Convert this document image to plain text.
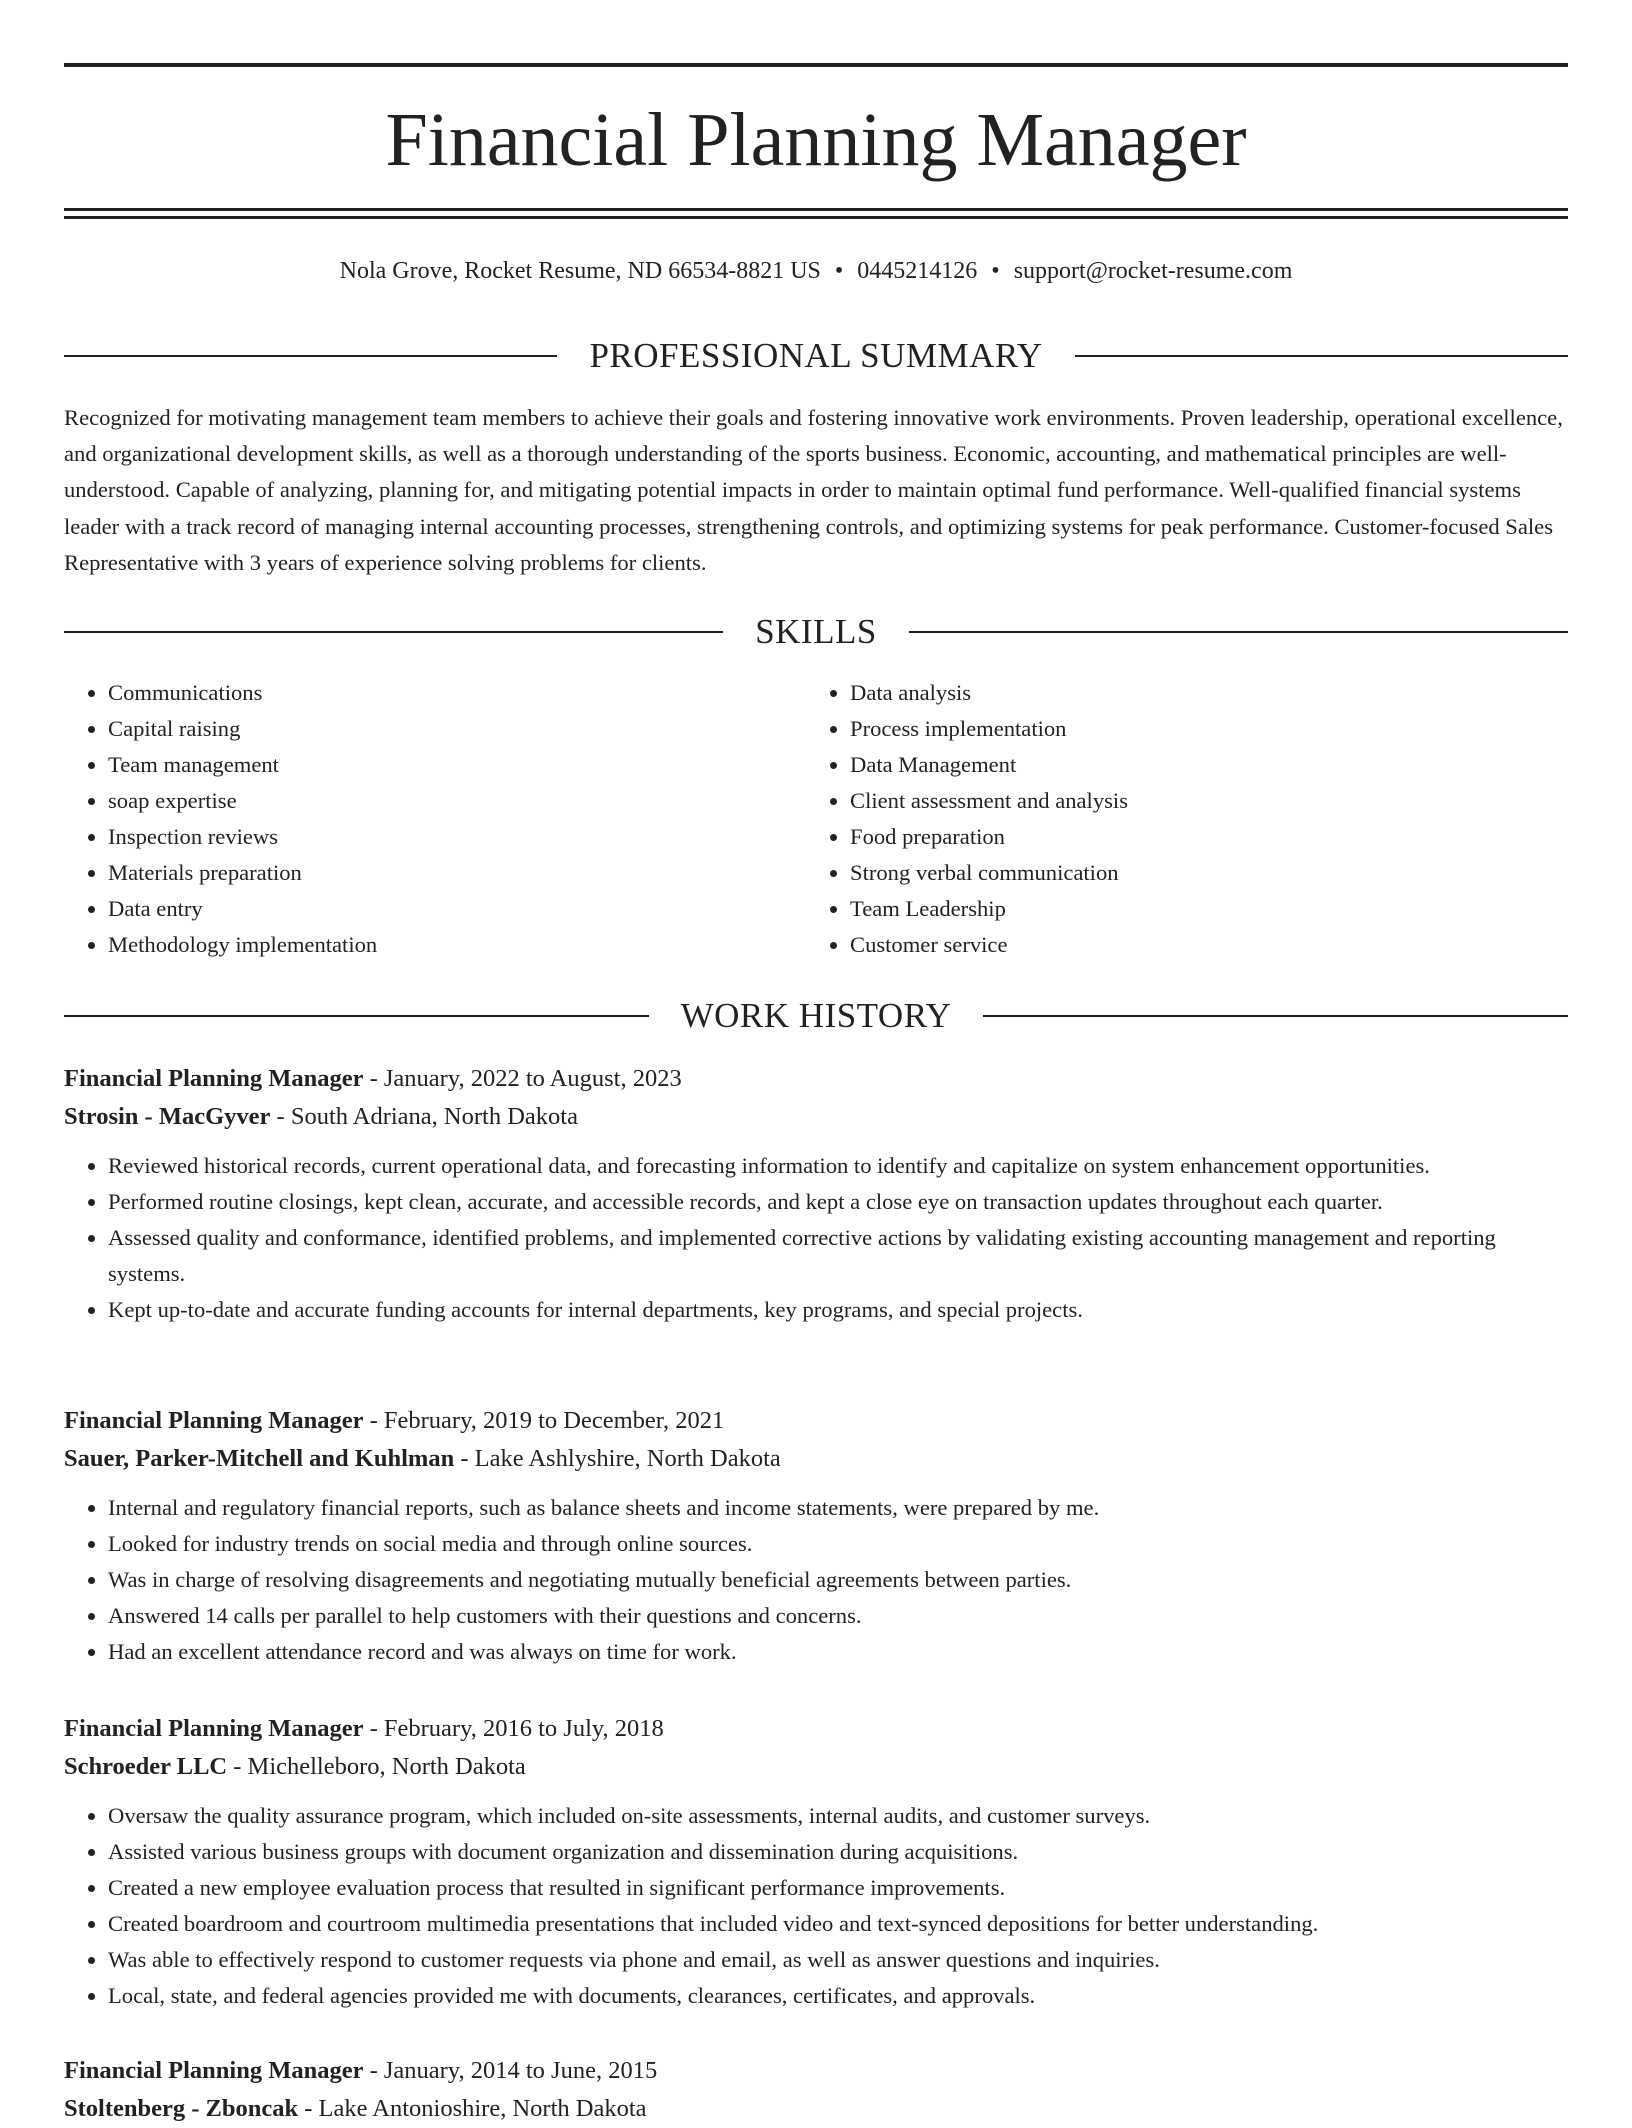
Financial Planning Manager
Nola Grove, Rocket Resume, ND 66534-8821 US • 0445214126 • support@rocket-resume.com
PROFESSIONAL SUMMARY
Recognized for motivating management team members to achieve their goals and fostering innovative work environments. Proven leadership, operational excellence, and organizational development skills, as well as a thorough understanding of the sports business. Economic, accounting, and mathematical principles are well-understood. Capable of analyzing, planning for, and mitigating potential impacts in order to maintain optimal fund performance. Well-qualified financial systems leader with a track record of managing internal accounting processes, strengthening controls, and optimizing systems for peak performance. Customer-focused Sales Representative with 3 years of experience solving problems for clients.
SKILLS
• Communications
• Capital raising
• Team management
• soap expertise
• Inspection reviews
• Materials preparation
• Data entry
• Methodology implementation
• Data analysis
• Process implementation
• Data Management
• Client assessment and analysis
• Food preparation
• Strong verbal communication
• Team Leadership
• Customer service
WORK HISTORY
Financial Planning Manager - January, 2022 to August, 2023
Strosin - MacGyver - South Adriana, North Dakota
• Reviewed historical records, current operational data, and forecasting information to identify and capitalize on system enhancement opportunities.
• Performed routine closings, kept clean, accurate, and accessible records, and kept a close eye on transaction updates throughout each quarter.
• Assessed quality and conformance, identified problems, and implemented corrective actions by validating existing accounting management and reporting systems.
• Kept up-to-date and accurate funding accounts for internal departments, key programs, and special projects.
Financial Planning Manager - February, 2019 to December, 2021
Sauer, Parker-Mitchell and Kuhlman - Lake Ashlyshire, North Dakota
• Internal and regulatory financial reports, such as balance sheets and income statements, were prepared by me.
• Looked for industry trends on social media and through online sources.
• Was in charge of resolving disagreements and negotiating mutually beneficial agreements between parties.
• Answered 14 calls per parallel to help customers with their questions and concerns.
• Had an excellent attendance record and was always on time for work.
Financial Planning Manager - February, 2016 to July, 2018
Schroeder LLC - Michelleboro, North Dakota
• Oversaw the quality assurance program, which included on-site assessments, internal audits, and customer surveys.
• Assisted various business groups with document organization and dissemination during acquisitions.
• Created a new employee evaluation process that resulted in significant performance improvements.
• Created boardroom and courtroom multimedia presentations that included video and text-synced depositions for better understanding.
• Was able to effectively respond to customer requests via phone and email, as well as answer questions and inquiries.
• Local, state, and federal agencies provided me with documents, clearances, certificates, and approvals.
Financial Planning Manager - January, 2014 to June, 2015
Stoltenberg - Zboncak - Lake Antonioshire, North Dakota
